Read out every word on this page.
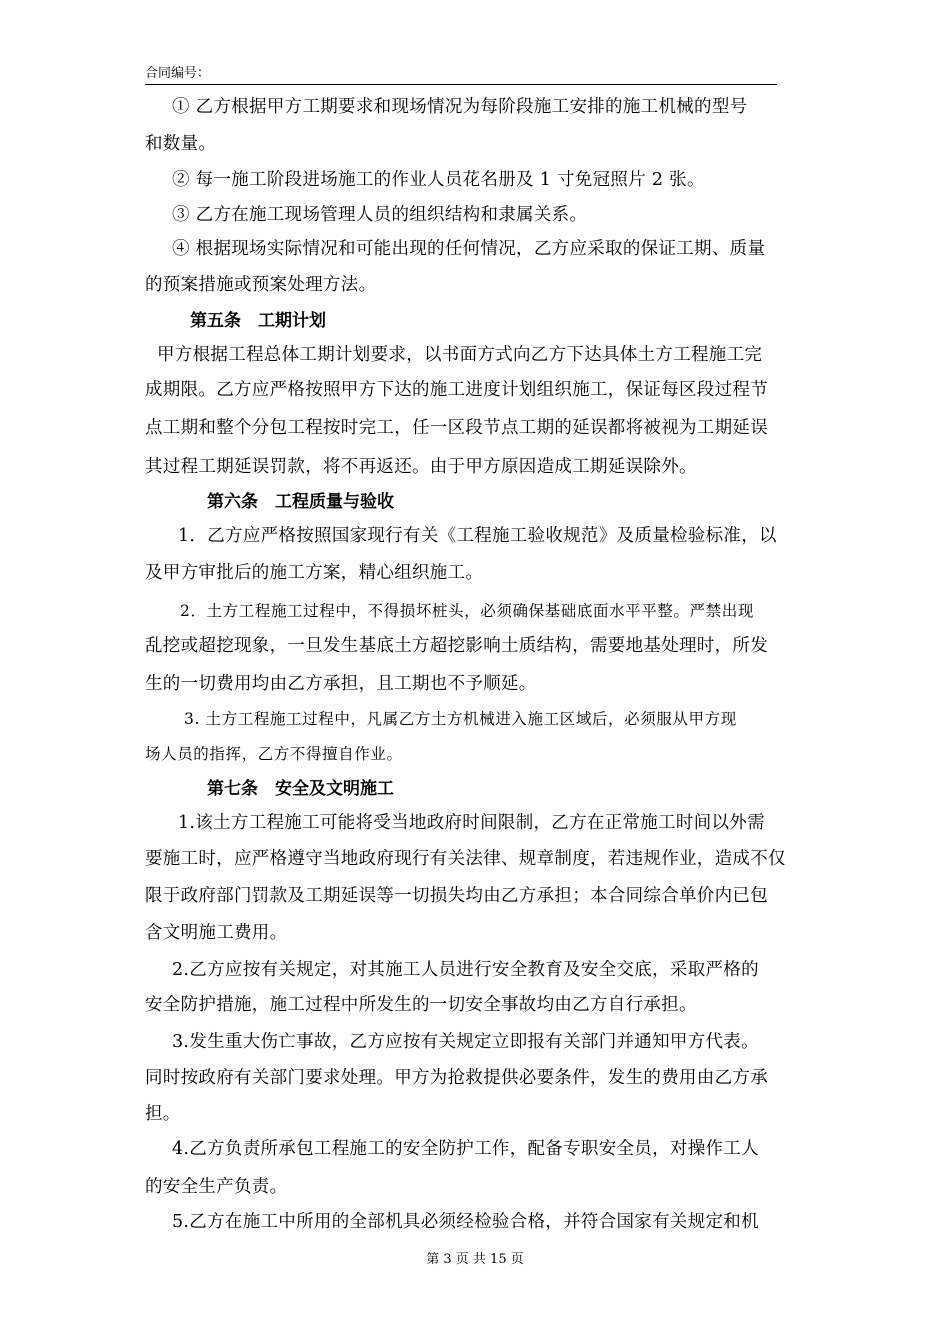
合同编号：
① 乙方根据甲方工期要求和现场情况为每阶段施工安排的施工机械的型号
和数量。
② 每一施工阶段进场施工的作业人员花名册及 1 寸免冠照片 2 张。
③ 乙方在施工现场管理人员的组织结构和隶属关系。
④ 根据现场实际情况和可能出现的任何情况，乙方应采取的保证工期、质量
的预案措施或预案处理方法。
第五条　工期计划
甲方根据工程总体工期计划要求，以书面方式向乙方下达具体土方工程施工完
成期限。乙方应严格按照甲方下达的施工进度计划组织施工，保证每区段过程节
点工期和整个分包工程按时完工，任一区段节点工期的延误都将被视为工期延误
其过程工期延误罚款，将不再返还。由于甲方原因造成工期延误除外。
第六条　工程质量与验收
1．乙方应严格按照国家现行有关《工程施工验收规范》及质量检验标准，以
及甲方审批后的施工方案，精心组织施工。
2．土方工程施工过程中，不得损坏桩头，必须确保基础底面水平平整。严禁出现
乱挖或超挖现象，一旦发生基底土方超挖影响土质结构，需要地基处理时，所发
生的一切费用均由乙方承担，且工期也不予顺延。
3. 土方工程施工过程中，凡属乙方土方机械进入施工区域后，必须服从甲方现
场人员的指挥，乙方不得擅自作业。
第七条　安全及文明施工
1.该土方工程施工可能将受当地政府时间限制，乙方在正常施工时间以外需
要施工时，应严格遵守当地政府现行有关法律、规章制度，若违规作业，造成不仅
限于政府部门罚款及工期延误等一切损失均由乙方承担；本合同综合单价内已包
含文明施工费用。
2.乙方应按有关规定，对其施工人员进行安全教育及安全交底，采取严格的
安全防护措施，施工过程中所发生的一切安全事故均由乙方自行承担。
3.发生重大伤亡事故，乙方应按有关规定立即报有关部门并通知甲方代表。
同时按政府有关部门要求处理。甲方为抢救提供必要条件，发生的费用由乙方承
担。
4.乙方负责所承包工程施工的安全防护工作，配备专职安全员，对操作工人
的安全生产负责。
5.乙方在施工中所用的全部机具必须经检验合格，并符合国家有关规定和机
第 3 页 共 15 页
